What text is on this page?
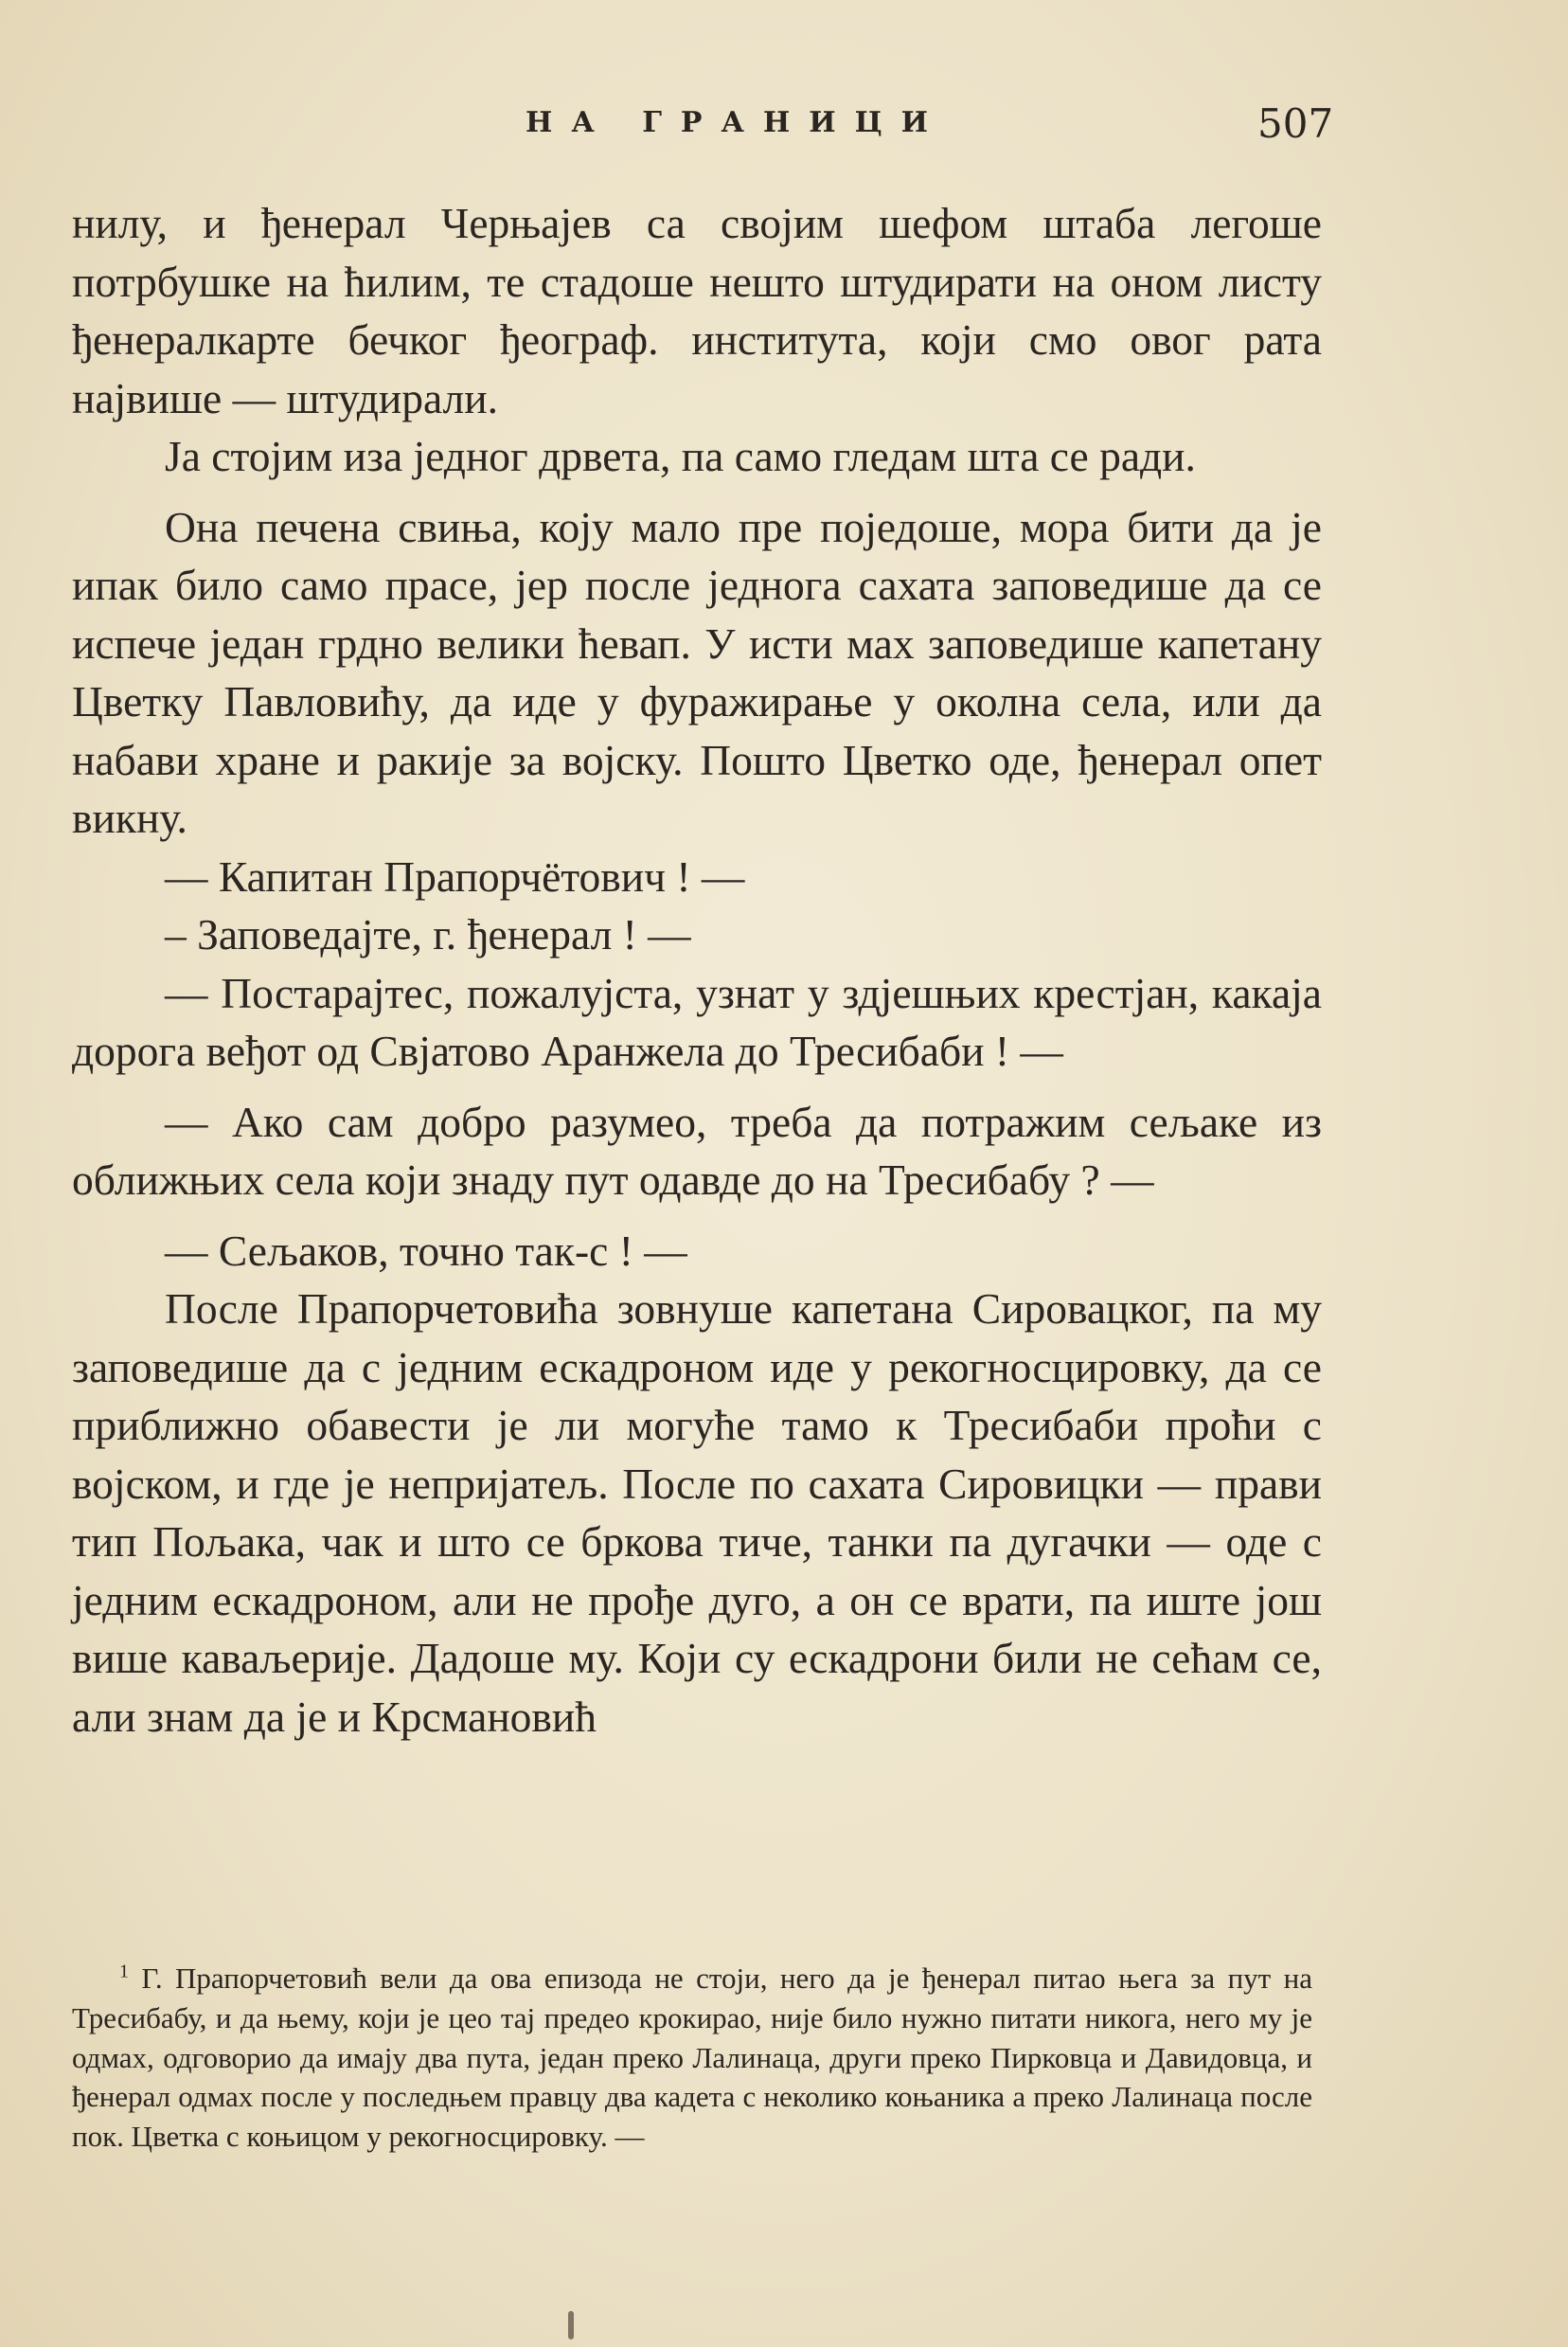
НА ГРАНИЦИ	507

нилу, и ђенерал Черњајев са својим шефом штаба легоше потрбушке на ћилим, те стадоше нешто штудирати на оном листу ђенералкарте бечког ђеограф. института, који смо овог рата највише — штудирали.

Ја стојим иза једног дрвета, па само гледам шта се ради.

Она печена свиња, коју мало пре поједоше, мора бити да је ипак било само прасе, јер после једнога сахата заповедише да се испече један грдно велики ћевап. У исти мах заповедише капетану Цветку Павловићу, да иде у фуражирање у околна села, или да набави хране и ракије за војску. Пошто Цветко оде, ђенерал опет викну.

— Капитан Прапорчётович ! —

– Заповедајте, г. ђенерал ! —

— Постарајтес, пожалујста, узнат у здјешњих крестјан, какаја дорога веђот од Свјатово Аранжела до Тресибаби ! —

— Ако сам добро разумео, треба да потражим сељаке из оближњих села који знаду пут одавде до на Тресибабу ? —

— Сељаков, точно так-с ! —

После Прапорчетовића зовнуше капетана Сировацког, па му заповедише да с једним ескадроном иде у рекогносцировку, да се приближно обавести је ли могуће тамо к Тресибаби проћи с војском, и где је непријатељ. После по сахата Сировицки — прави тип Пољака, чак и што се бркова тиче, танки па дугачки — оде с једним ескадроном, али не прође дуго, а он се врати, па иште још више каваљерије. Дадоше му. Који су ескадрони били не сећам се, али знам да је и Крсмановић

$^1$ Г. Прапорчетовић вели да ова епизода не стоји, него да је ђенерал питао њега за пут на Тресибабу, и да њему, који је цео тај предео крокирао, није било нужно питати никога, него му је одмах, одговорио да имају два пута, један преко Лалинаца, други преко Пирковца и Давидовца, и ђенерал одмах после у последњем правцу два кадета с неколико коњаника а преко Лалинаца после пок. Цветка с коњицом у рекогносцировку. —
